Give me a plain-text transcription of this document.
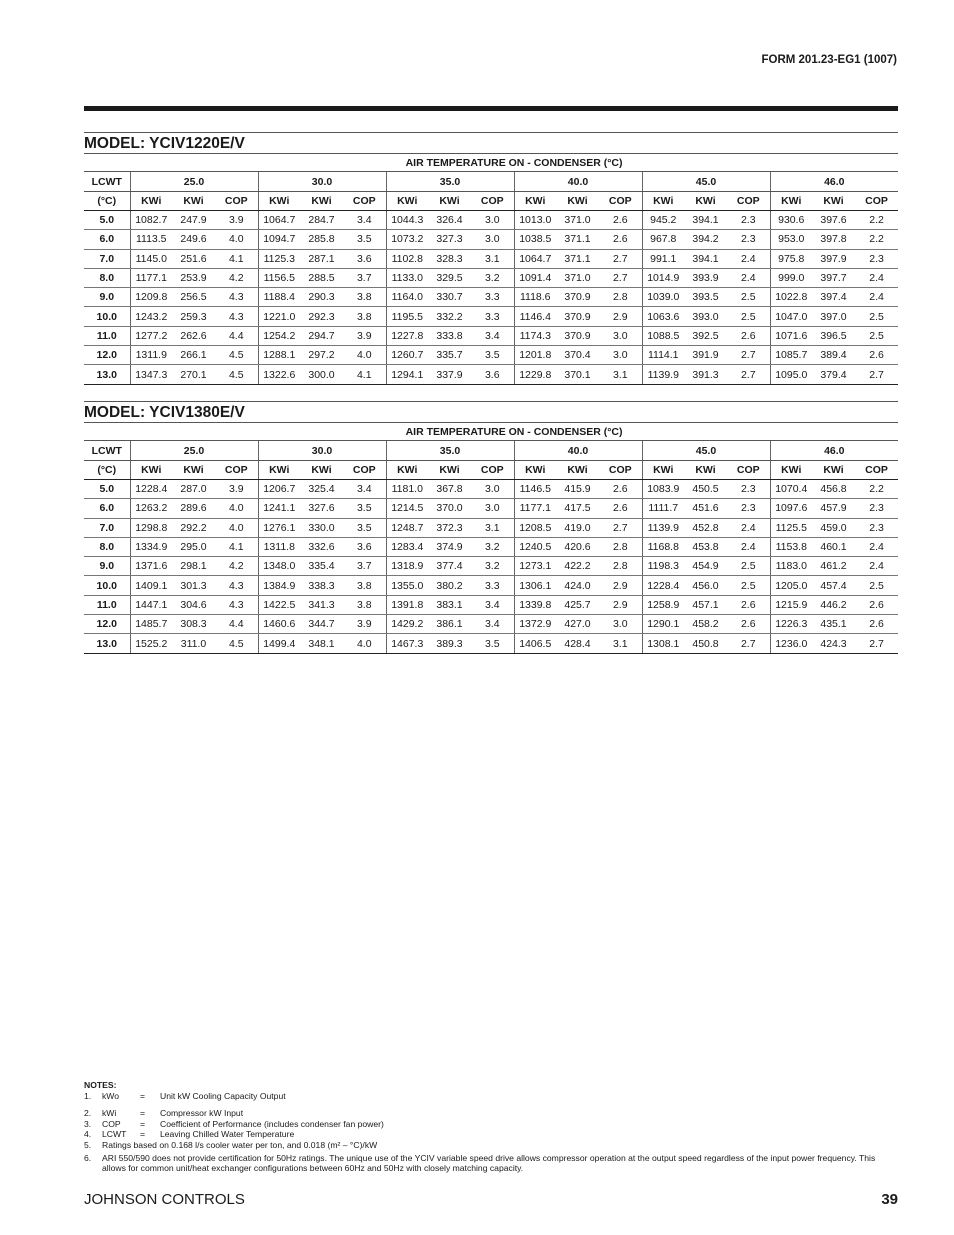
FORM 201.23-EG1 (1007)
MODEL: YCIV1220E/V
	AIR TEMPERATURE ON - CONDENSER (°C)																	
LCWT	25.0			30.0			35.0			40.0			45.0			46.0		
(°C)	KWi	KWi	COP	KWi	KWi	COP	KWi	KWi	COP	KWi	KWi	COP	KWi	KWi	COP	KWi	KWi	COP
5.0	1082.7	247.9	3.9	1064.7	284.7	3.4	1044.3	326.4	3.0	1013.0	371.0	2.6	945.2	394.1	2.3	930.6	397.6	2.2
6.0	1113.5	249.6	4.0	1094.7	285.8	3.5	1073.2	327.3	3.0	1038.5	371.1	2.6	967.8	394.2	2.3	953.0	397.8	2.2
7.0	1145.0	251.6	4.1	1125.3	287.1	3.6	1102.8	328.3	3.1	1064.7	371.1	2.7	991.1	394.1	2.4	975.8	397.9	2.3
8.0	1177.1	253.9	4.2	1156.5	288.5	3.7	1133.0	329.5	3.2	1091.4	371.0	2.7	1014.9	393.9	2.4	999.0	397.7	2.4
9.0	1209.8	256.5	4.3	1188.4	290.3	3.8	1164.0	330.7	3.3	1118.6	370.9	2.8	1039.0	393.5	2.5	1022.8	397.4	2.4
10.0	1243.2	259.3	4.3	1221.0	292.3	3.8	1195.5	332.2	3.3	1146.4	370.9	2.9	1063.6	393.0	2.5	1047.0	397.0	2.5
11.0	1277.2	262.6	4.4	1254.2	294.7	3.9	1227.8	333.8	3.4	1174.3	370.9	3.0	1088.5	392.5	2.6	1071.6	396.5	2.5
12.0	1311.9	266.1	4.5	1288.1	297.2	4.0	1260.7	335.7	3.5	1201.8	370.4	3.0	1114.1	391.9	2.7	1085.7	389.4	2.6
13.0	1347.3	270.1	4.5	1322.6	300.0	4.1	1294.1	337.9	3.6	1229.8	370.1	3.1	1139.9	391.3	2.7	1095.0	379.4	2.7
MODEL: YCIV1380E/V
	AIR TEMPERATURE ON - CONDENSER (°C)																	
LCWT	25.0			30.0			35.0			40.0			45.0			46.0		
(°C)	KWi	KWi	COP	KWi	KWi	COP	KWi	KWi	COP	KWi	KWi	COP	KWi	KWi	COP	KWi	KWi	COP
5.0	1228.4	287.0	3.9	1206.7	325.4	3.4	1181.0	367.8	3.0	1146.5	415.9	2.6	1083.9	450.5	2.3	1070.4	456.8	2.2
6.0	1263.2	289.6	4.0	1241.1	327.6	3.5	1214.5	370.0	3.0	1177.1	417.5	2.6	1111.7	451.6	2.3	1097.6	457.9	2.3
7.0	1298.8	292.2	4.0	1276.1	330.0	3.5	1248.7	372.3	3.1	1208.5	419.0	2.7	1139.9	452.8	2.4	1125.5	459.0	2.3
8.0	1334.9	295.0	4.1	1311.8	332.6	3.6	1283.4	374.9	3.2	1240.5	420.6	2.8	1168.8	453.8	2.4	1153.8	460.1	2.4
9.0	1371.6	298.1	4.2	1348.0	335.4	3.7	1318.9	377.4	3.2	1273.1	422.2	2.8	1198.3	454.9	2.5	1183.0	461.2	2.4
10.0	1409.1	301.3	4.3	1384.9	338.3	3.8	1355.0	380.2	3.3	1306.1	424.0	2.9	1228.4	456.0	2.5	1205.0	457.4	2.5
11.0	1447.1	304.6	4.3	1422.5	341.3	3.8	1391.8	383.1	3.4	1339.8	425.7	2.9	1258.9	457.1	2.6	1215.9	446.2	2.6
12.0	1485.7	308.3	4.4	1460.6	344.7	3.9	1429.2	386.1	3.4	1372.9	427.0	3.0	1290.1	458.2	2.6	1226.3	435.1	2.6
13.0	1525.2	311.0	4.5	1499.4	348.1	4.0	1467.3	389.3	3.5	1406.5	428.4	3.1	1308.1	450.8	2.7	1236.0	424.3	2.7
NOTES:
1.	kWo	=	Unit kW Cooling Capacity Output
2.	kWi	=	Compressor kW Input
3.	COP	=	Coefficient of Performance (includes condenser fan power)
4.	LCWT	=	Leaving Chilled Water Temperature
5.	Ratings based on 0.168 l/s cooler water per ton, and 0.018 (m² – °C)/kW
6.	ARI 550/590 does not provide certification for 50Hz ratings. The unique use of the YCIV variable speed drive allows compressor operation at the output speed regardless of the input power frequency. This allows for common unit/heat exchanger configurations between 60Hz and 50Hz with closely matching capacity.
JOHNSON CONTROLS	39
